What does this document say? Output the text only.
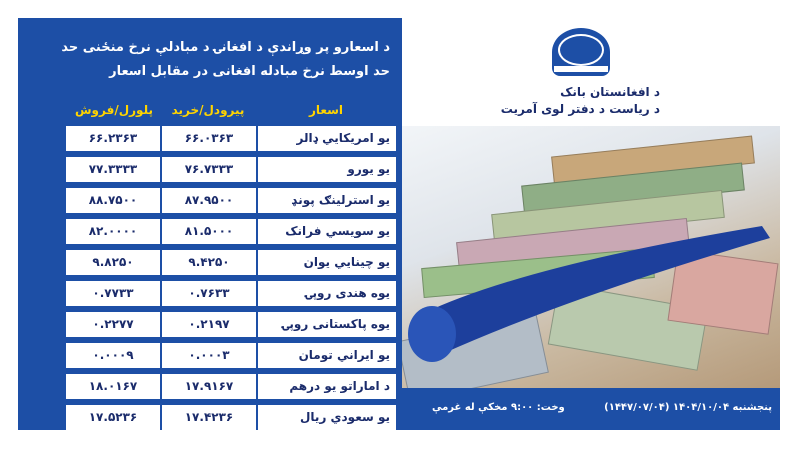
د اسعارو پر وړاندې د افغانۍ د مبادلې نرخ منځنی حد
حد اوسط نرخ مبادله افغانی در مقابل اسعار
اسعار
پیرودل/خرید
پلورل/فروش
یو امریکایي ډالر
۶۶.۰۳۶۳
۶۶.۲۳۶۳
یو یورو
۷۶.۷۳۳۳
۷۷.۳۳۳۳
یو استرلینګ پونډ
۸۷.۹۵۰۰
۸۸.۷۵۰۰
یو سویسي فرانک
۸۱.۵۰۰۰
۸۲.۰۰۰۰
یو چینایي یوان
۹.۴۲۵۰
۹.۸۲۵۰
یوه هندی روپۍ
۰.۷۶۳۳
۰.۷۷۳۳
یوه پاکستانی روپۍ
۰.۲۱۹۷
۰.۲۲۷۷
یو ایراني تومان
۰.۰۰۰۳
۰.۰۰۰۹
د اماراتو یو درهم
۱۷.۹۱۶۷
۱۸.۰۱۶۷
یو سعودي ریال
۱۷.۴۲۳۶
۱۷.۵۲۳۶
د افغانستان بانک
د ریاست د دفتر لوی آمریت
پنجشنبه ۱۴۰۴/۱۰/۰۴ (۱۴۴۷/۰۷/۰۴)
وخت: ۹:۰۰ مخکې له غرمې
